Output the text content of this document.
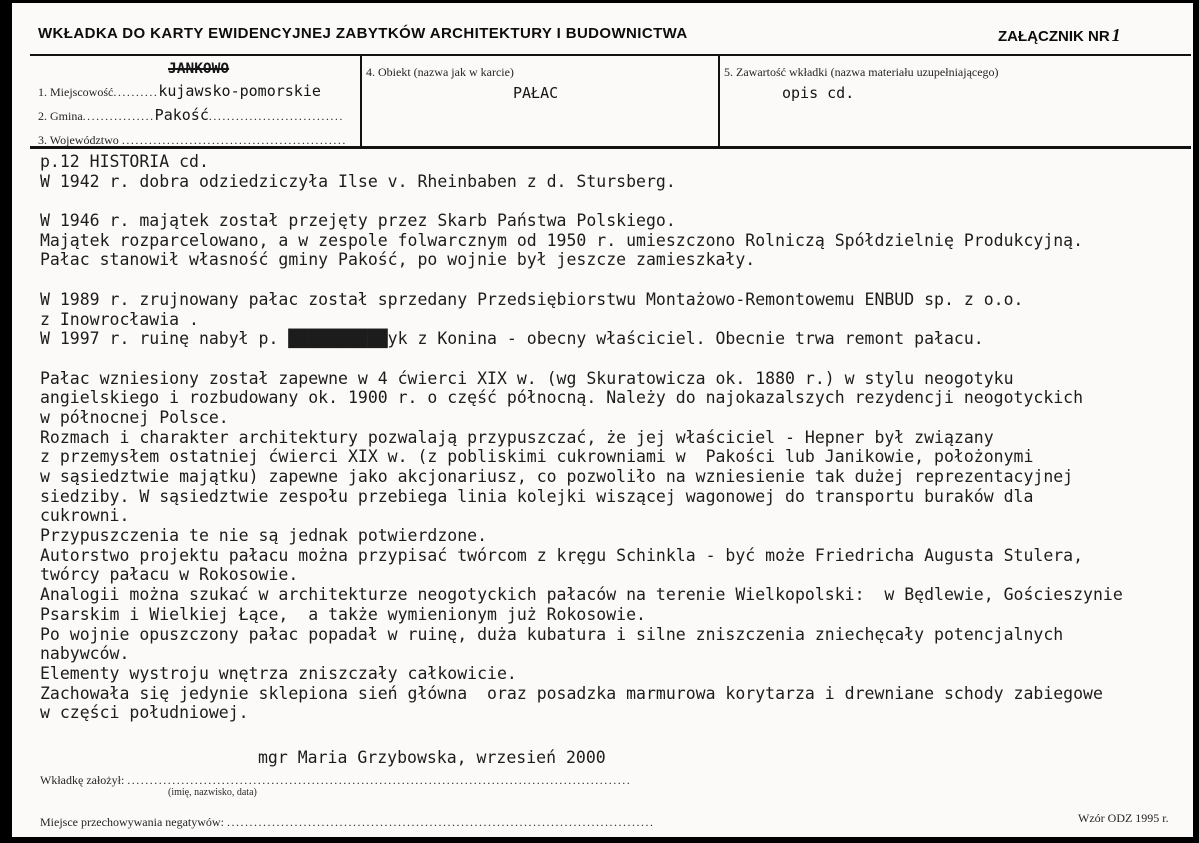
WKŁADKA DO KARTY EWIDENCYJNEJ ZABYTKÓW ARCHITEKTURY I BUDOWNICTWA	ZAŁĄCZNIK NR 1
JANKOWO
1. Miejscowość..........kujawsko-pomorskie
2. Gmina................Pakość..............................
3. Województwo ..................................................
4. Obiekt (nazwa jak w karcie)
PAŁAC
5. Zawartość wkładki (nazwa materiału uzupełniającego)
opis cd.
p.12 HISTORIA cd.
W 1942 r. dobra odziedziczyła Ilse v. Rheinbaben z d. Stursberg.

W 1946 r. majątek został przejęty przez Skarb Państwa Polskiego.
Majątek rozparcelowano, a w zespole folwarcznym od 1950 r. umieszczono Rolniczą Spółdzielnię Produkcyjną.
Pałac stanowił własność gminy Pakość, po wojnie był jeszcze zamieszkały.

W 1989 r. zrujnowany pałac został sprzedany Przedsiębiorstwu Montażowo-Remontowemu ENBUD sp. z o.o.
z Inowrocławia .
W 1997 r. ruinę nabył p. ██████████yk z Konina - obecny właściciel. Obecnie trwa remont pałacu.

Pałac wzniesiony został zapewne w 4 ćwierci XIX w. (wg Skuratowicza ok. 1880 r.) w stylu neogotyku
angielskiego i rozbudowany ok. 1900 r. o część północną. Należy do najokazalszych rezydencji neogotyckich
w północnej Polsce.
Rozmach i charakter architektury pozwalają przypuszczać, że jej właściciel - Hepner był związany
z przemysłem ostatniej ćwierci XIX w. (z pobliskimi cukrowniami w  Pakości lub Janikowie, położonymi
w sąsiedztwie majątku) zapewne jako akcjonariusz, co pozwoliło na wzniesienie tak dużej reprezentacyjnej
siedziby. W sąsiedztwie zespołu przebiega linia kolejki wiszącej wagonowej do transportu buraków dla
cukrowni.
Przypuszczenia te nie są jednak potwierdzone.
Autorstwo projektu pałacu można przypisać twórcom z kręgu Schinkla - być może Friedricha Augusta Stulera,
twórcy pałacu w Rokosowie.
Analogii można szukać w architekturze neogotyckich pałaców na terenie Wielkopolski:  w Będlewie, Gościeszynie
Psarskim i Wielkiej Łące,  a także wymienionym już Rokosowie.
Po wojnie opuszczony pałac popadał w ruinę, duża kubatura i silne zniszczenia zniechęcały potencjalnych
nabywców.
Elementy wystroju wnętrza zniszczały całkowicie.
Zachowała się jedynie sklepiona sień główna  oraz posadzka marmurowa korytarza i drewniane schody zabiegowe
w części południowej.
mgr Maria Grzybowska, wrzesień 2000
Wkładkę założył: ................................................................................................................
(imię, nazwisko, data)
Miejsce przechowywania negatywów: ...............................................................................................	Wzór ODZ 1995 r.
